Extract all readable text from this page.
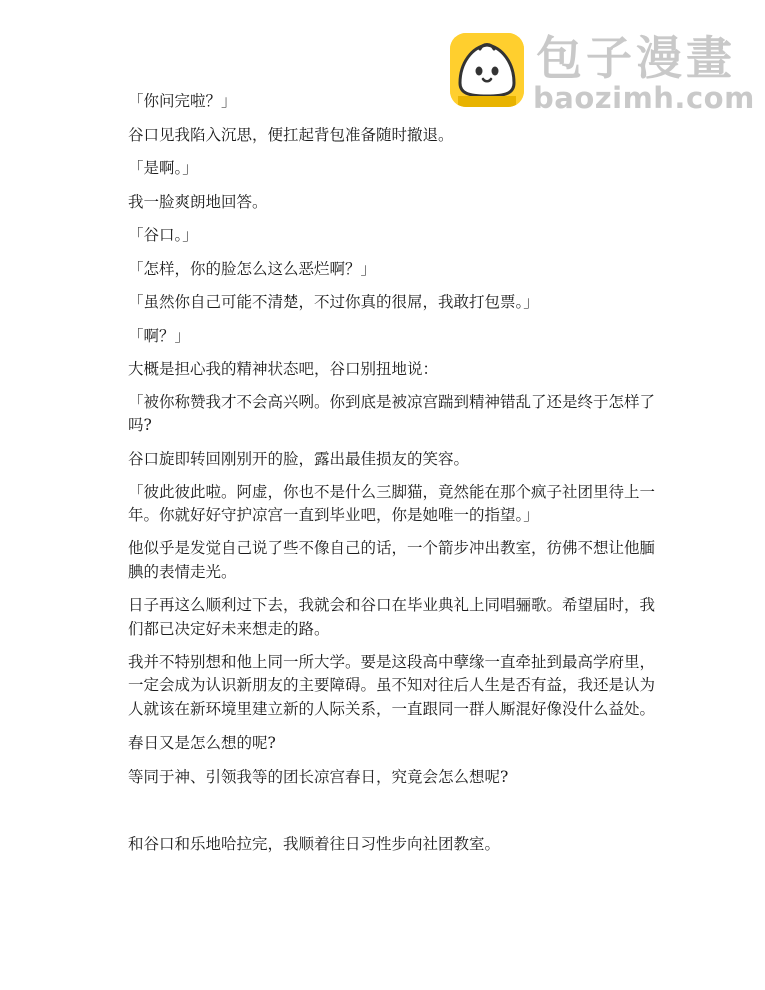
包子漫畫
baozimh.com

「你问完啦？」

谷口见我陷入沉思，便扛起背包准备随时撤退。

「是啊。」

我一脸爽朗地回答。

「谷口。」

「怎样，你的脸怎么这么恶烂啊？」

「虽然你自己可能不清楚，不过你真的很屌，我敢打包票。」

「啊？」

大概是担心我的精神状态吧，谷口别扭地说：

「被你称赞我才不会高兴咧。你到底是被凉宫踹到精神错乱了还是终于怎样了吗?

谷口旋即转回刚别开的脸，露出最佳损友的笑容。

「彼此彼此啦。阿虚，你也不是什么三脚猫，竟然能在那个疯子社团里待上一年。你就好好守护凉宫一直到毕业吧，你是她唯一的指望。」

他似乎是发觉自己说了些不像自己的话，一个箭步冲出教室，彷佛不想让他腼腆的表情走光。

日子再这么顺利过下去，我就会和谷口在毕业典礼上同唱骊歌。希望届时，我们都已决定好未来想走的路。

我并不特别想和他上同一所大学。要是这段高中孽缘一直牵扯到最高学府里，一定会成为认识新朋友的主要障碍。虽不知对往后人生是否有益，我还是认为人就该在新环境里建立新的人际关系，一直跟同一群人厮混好像没什么益处。

春日又是怎么想的呢?

等同于神、引领我等的团长凉宫春日，究竟会怎么想呢?

和谷口和乐地哈拉完，我顺着往日习性步向社团教室。
